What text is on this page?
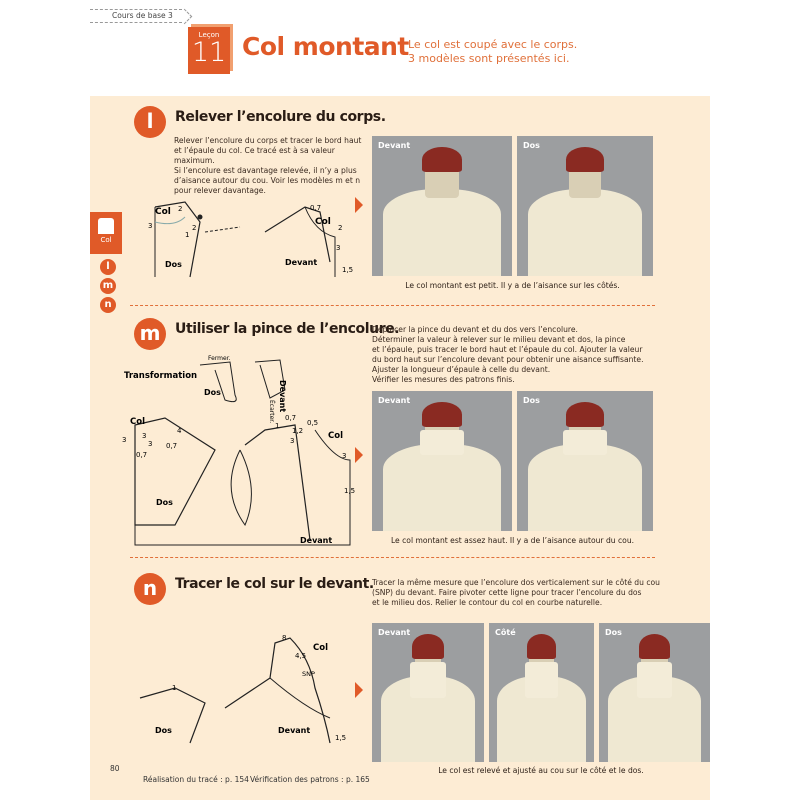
Cours de base 3
Leçon
11 Col montant Le col est coupé avec le corps.
3 modèles sont présentés ici.
Col
l
m
n
l	Relever l’encolure du corps.
Relever l’encolure du corps et tracer le bord haut
et l’épaule du col. Ce tracé est à sa valeur maximum.
Si l’encolure est davantage relevée, il n’y a plus
d’aisance autour du cou. Voir les modèles m et n
pour relever davantage.
Col
Dos
Col
Devant
2
2
1
3
0,7
2
3
1,5
Devant	Dos
Le col montant est petit. Il y a de l’aisance sur les côtés.
m	Utiliser la pince de l’encolure.
Déplacer la pince du devant et du dos vers l’encolure.
Déterminer la valeur à relever sur le milieu devant et dos, la pince
et l’épaule, puis tracer le bord haut et l’épaule du col. Ajouter la valeur
du bord haut sur l’encolure devant pour obtenir une aisance suffisante.
Ajuster la longueur d’épaule à celle du devant.
Vérifier les mesures des patrons finis.
Transformation
Fermer.
Dos
Écarter. Devant
Col
Dos
Col
Devant
3 3
4
0,7
0,7
3
1
0,7
1,2
0,5
3
3
1,5
Devant	Dos
Le col montant est assez haut. Il y a de l’aisance autour du cou.
n	Tracer le col sur le devant.
Tracer la même mesure que l’encolure dos verticalement sur le côté du cou
(SNP) du devant. Faire pivoter cette ligne pour tracer l’encolure du dos
et le milieu dos. Relier le contour du col en courbe naturelle.
Col
Dos	Devant
SNP
8
4,5
1
1,5
Devant	Côté	Dos
Le col est relevé et ajusté au cou sur le côté et le dos.
80
Réalisation du tracé : p. 154 Vérification des patrons : p. 165
